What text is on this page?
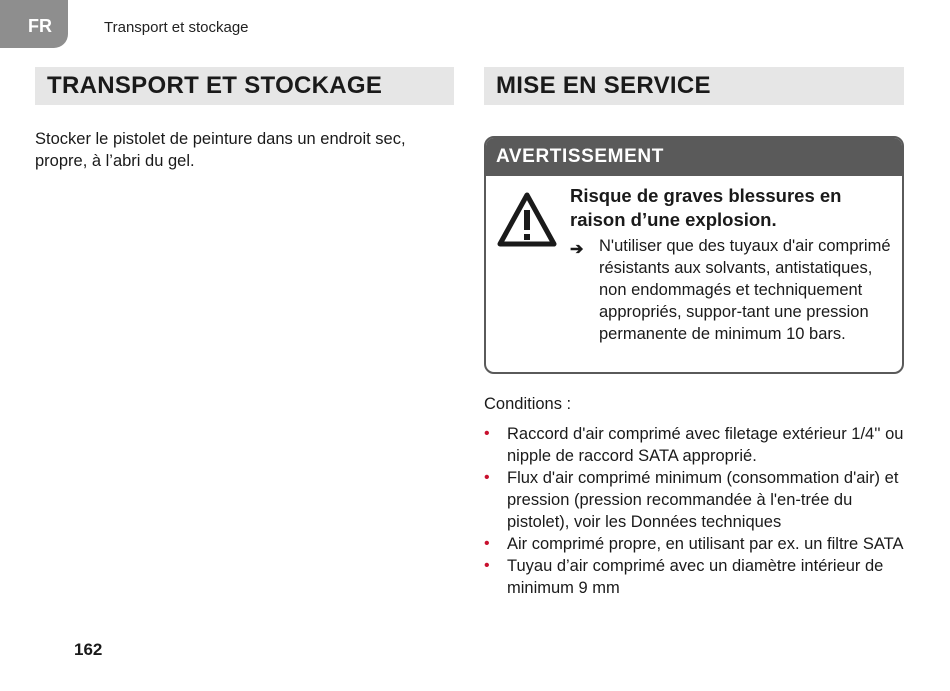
FR	Transport et stockage
TRANSPORT ET STOCKAGE
Stocker le pistolet de peinture dans un endroit sec, propre, à l’abri du gel.
MISE EN SERVICE
AVERTISSEMENT
Risque de graves blessures en raison d’une explosion.
➔ N'utiliser que des tuyaux d'air comprimé résistants aux solvants, antistatiques, non endommagés et techniquement appropriés, suppor-tant une pression permanente de minimum 10 bars.
Conditions :
• Raccord d'air comprimé avec filetage extérieur 1/4'' ou nipple de raccord SATA approprié.
• Flux d'air comprimé minimum (consommation d'air) et pression (pression recommandée à l'en-trée du pistolet), voir les Données techniques
• Air comprimé propre, en utilisant par ex. un filtre SATA
• Tuyau d’air comprimé avec un diamètre intérieur de minimum 9 mm
162
